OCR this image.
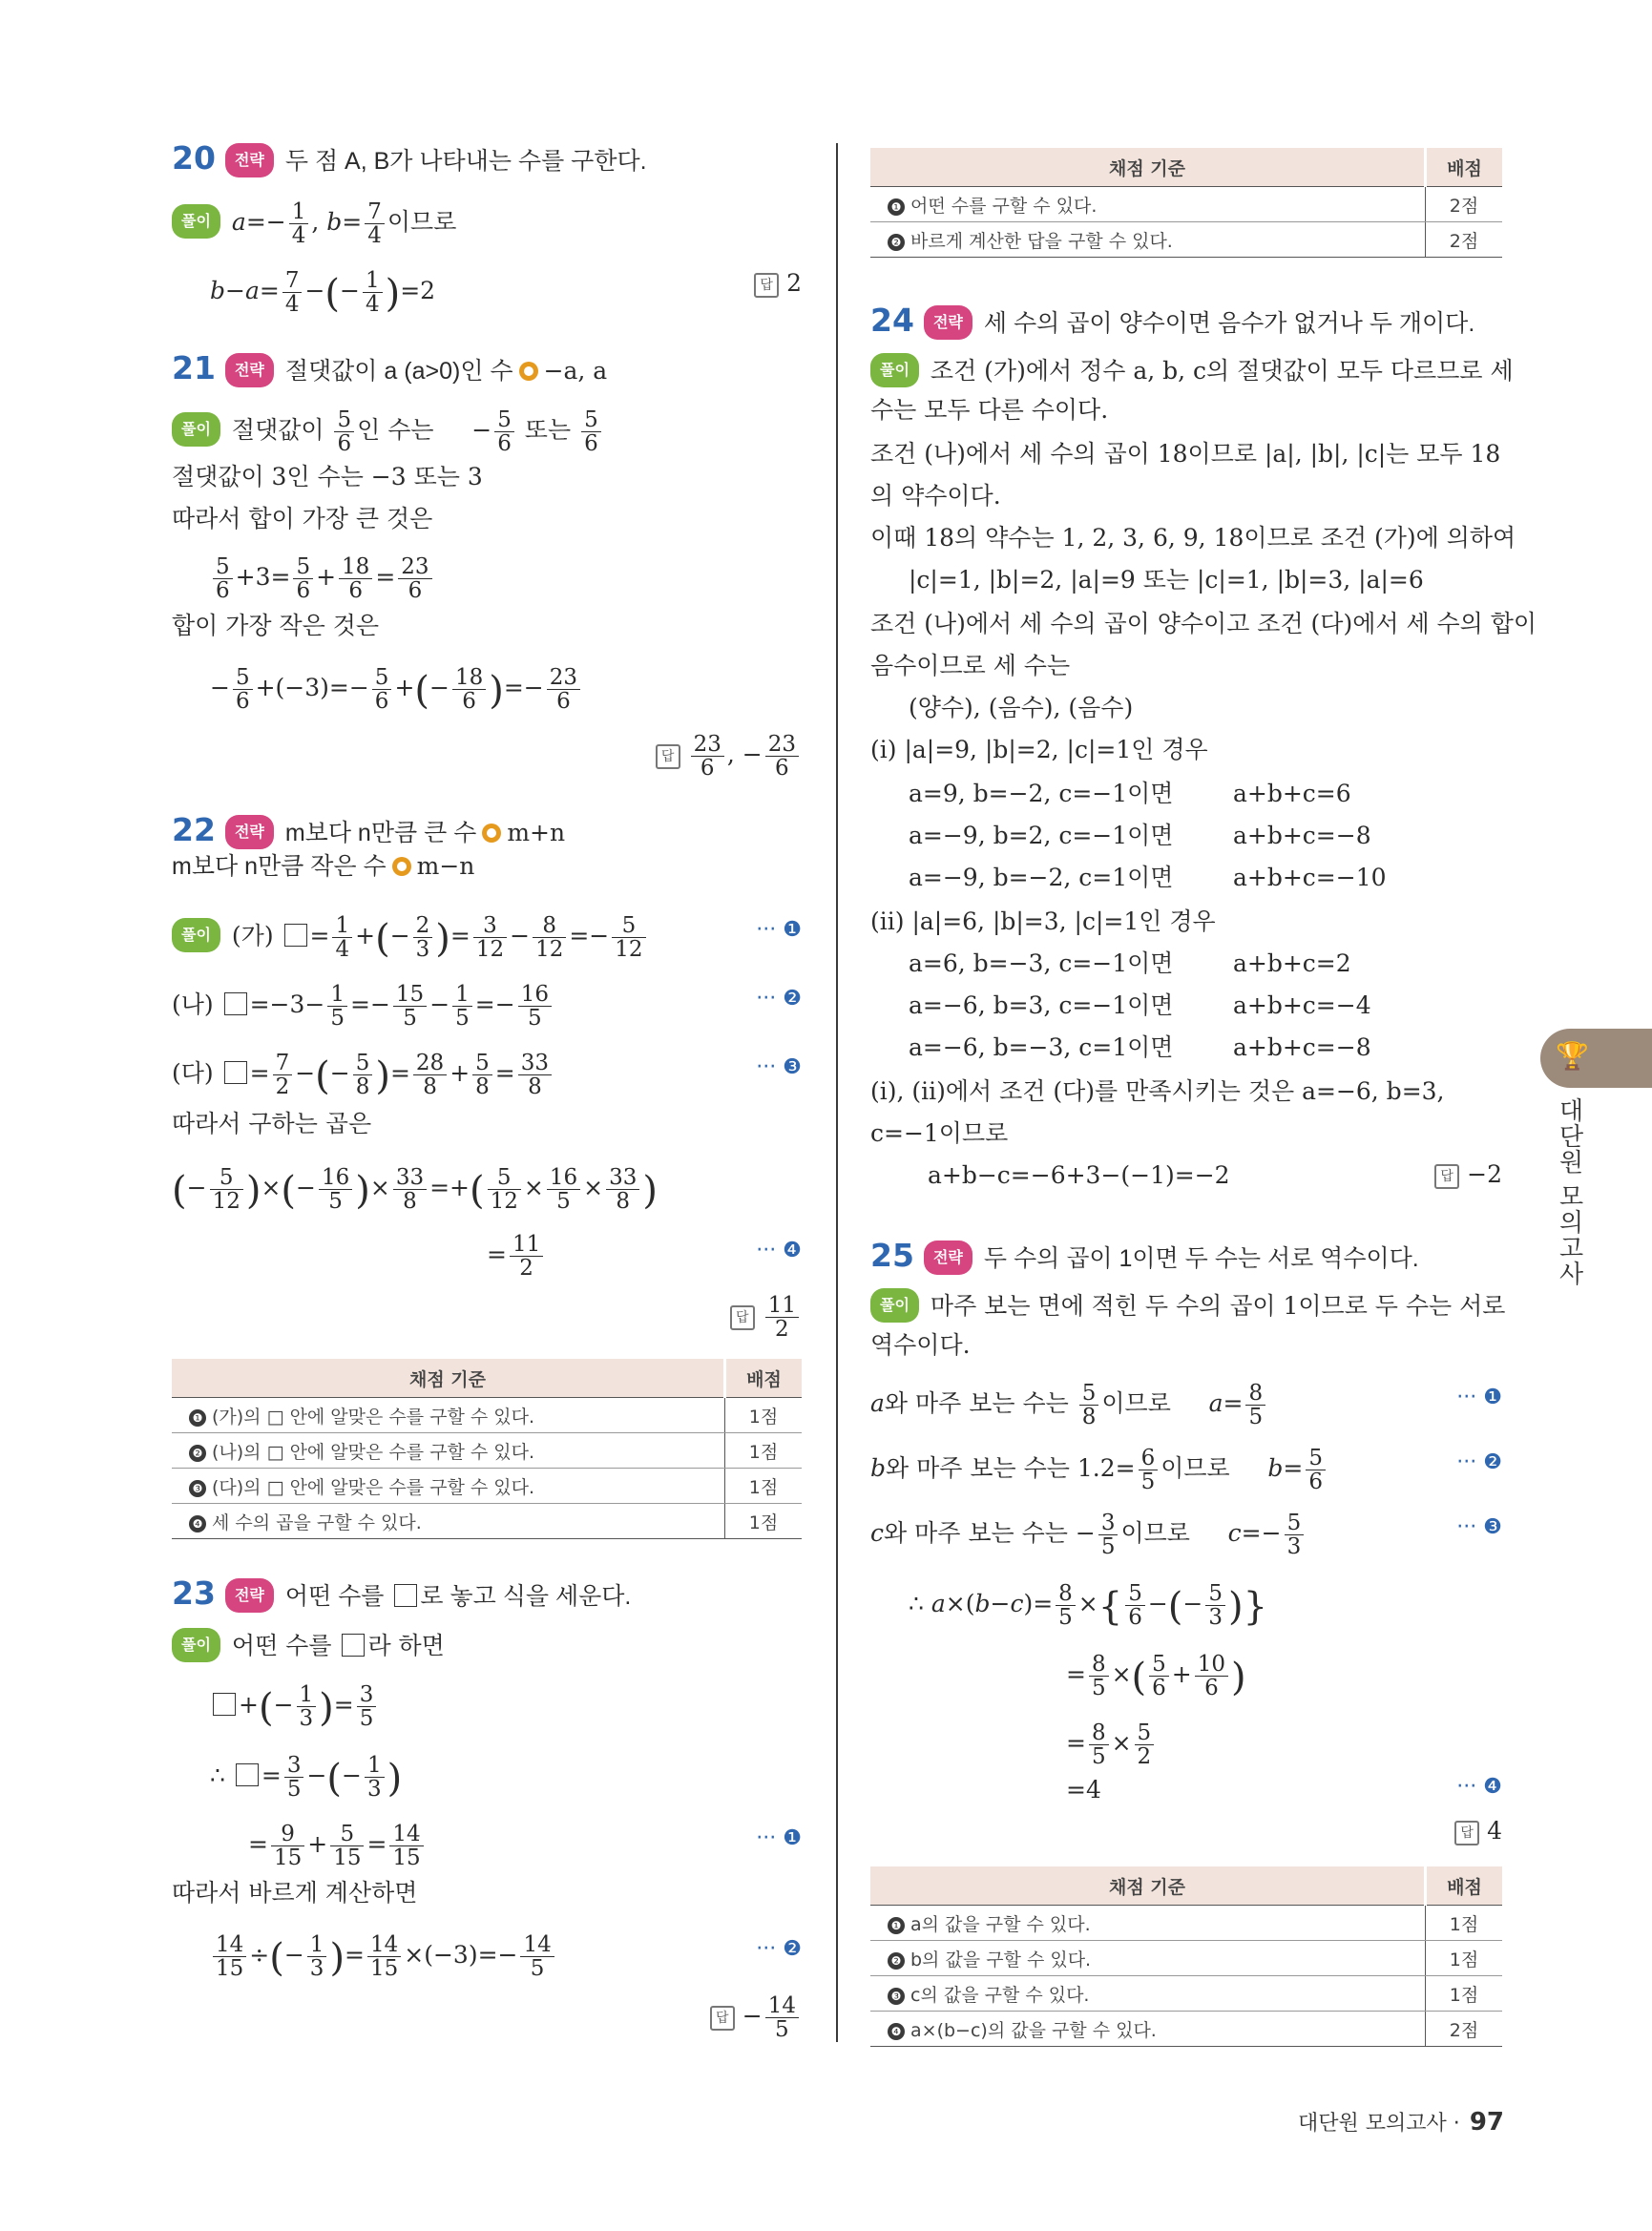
20 전략 두 점 A, B가 나타내는 수를 구한다.
풀이 $a=- \frac{1}{4}$ , $b= \frac{7}{4}$ 이므로
$b-a= \frac{7}{4}$ −(− $\frac{1}{4} )=2$	답 2
21 전략 절댓값이 a (a>0)인 수 −a, a
풀이 절댓값이 $\frac{5}{6}$ 인 수는     − $\frac{5}{6}$ 또는 $\frac{5}{6}$
절댓값이 3인 수는 −3 또는 3
따라서 합이 가장 큰 것은
$\frac{5}{6} +3= \frac{5}{6} + \frac{18}{6} = \frac{23}{6}$
합이 가장 작은 것은
− $\frac{5}{6} +(-3)=- \frac{5}{6}$ +(− $\frac{18}{6}$ )=− $\frac{23}{6}$
답 $\frac{23}{6}$ , − $\frac{23}{6}$
22 전략 m보다 n만큼 큰 수 m+n
m보다 n만큼 작은 수 m−n
풀이 (가) = $\frac{1}{4}$ +(− $\frac{2}{3}$ )= $\frac{3}{12} - \frac{8}{12} =- \frac{5}{12}$	··· ❶
(나) $=-3- \frac{1}{5} =- \frac{15}{5} - \frac{1}{5} =- \frac{16}{5}$	··· ❷
(다) = $\frac{7}{2}$ −(− $\frac{5}{8}$ )= $\frac{28}{8} + \frac{5}{8} = \frac{33}{8}$	··· ❸
따라서 구하는 곱은
(− $\frac{5}{12}$ )×(− $\frac{16}{5}$ )× $\frac{33}{8}$ =+( $\frac{5}{12} \times \frac{16}{5} \times \frac{33}{8}$ )
= $\frac{11}{2}$	··· ❹
답 $\frac{11}{2}$
채점 기준	배점
❶ (가)의 □ 안에 알맞은 수를 구할 수 있다.	1점
❷ (나)의 □ 안에 알맞은 수를 구할 수 있다.	1점
❸ (다)의 □ 안에 알맞은 수를 구할 수 있다.	1점
❹ 세 수의 곱을 구할 수 있다.	1점
23 전략 어떤 수를 로 놓고 식을 세운다.
풀이 어떤 수를 라 하면
+(− $\frac{1}{3}$ )= $\frac{3}{5}$
∴ = $\frac{3}{5}$ −(− $\frac{1}{3}$ )
= $\frac{9}{15} + \frac{5}{15} = \frac{14}{15}$	··· ❶
따라서 바르게 계산하면
$\frac{14}{15}$ ÷(− $\frac{1}{3}$ )= $\frac{14}{15} \times(-3)=- \frac{14}{5}$	··· ❷
답 − $\frac{14}{5}$
채점 기준	배점
❶ 어떤 수를 구할 수 있다.	2점
❷ 바르게 계산한 답을 구할 수 있다.	2점
24 전략 세 수의 곱이 양수이면 음수가 없거나 두 개이다.
풀이 조건 (가)에서 정수 a, b, c의 절댓값이 모두 다르므로 세
수는 모두 다른 수이다.
조건 (나)에서 세 수의 곱이 18이므로 |a|, |b|, |c|는 모두 18
의 약수이다.
이때 18의 약수는 1, 2, 3, 6, 9, 18이므로 조건 (가)에 의하여
|c|=1, |b|=2, |a|=9 또는 |c|=1, |b|=3, |a|=6
조건 (나)에서 세 수의 곱이 양수이고 조건 (다)에서 세 수의 합이
음수이므로 세 수는
(양수), (음수), (음수)
(ⅰ) |a|=9, |b|=2, |c|=1인 경우
a=9, b=−2, c=−1이면	a+b+c=6
a=−9, b=2, c=−1이면	a+b+c=−8
a=−9, b=−2, c=1이면	a+b+c=−10
(ⅱ) |a|=6, |b|=3, |c|=1인 경우
a=6, b=−3, c=−1이면	a+b+c=2
a=−6, b=3, c=−1이면	a+b+c=−4
a=−6, b=−3, c=1이면	a+b+c=−8
(ⅰ), (ⅱ)에서 조건 (다)를 만족시키는 것은 a=−6, b=3,
c=−1이므로
a+b−c=−6+3−(−1)=−2	답 −2
25 전략 두 수의 곱이 1이면 두 수는 서로 역수이다.
풀이 마주 보는 면에 적힌 두 수의 곱이 1이므로 두 수는 서로
역수이다.
a와 마주 보는 수는 $\frac{5}{8}$ 이므로     $a= \frac{8}{5}$	··· ❶
b와 마주 보는 수는 $1.2= \frac{6}{5}$ 이므로     $b= \frac{5}{6}$	··· ❷
c와 마주 보는 수는 − $\frac{3}{5}$ 이므로     $c=- \frac{5}{3}$	··· ❸
∴ $a\times(b-c)= \frac{8}{5}$ ×{ $\frac{5}{6}$ −(− $\frac{5}{3}$ )}
= $\frac{8}{5}$ ×( $\frac{5}{6} + \frac{10}{6}$ )
= $\frac{8}{5} \times \frac{5}{2}$
=4	··· ❹
답 4
채점 기준	배점
❶ a의 값을 구할 수 있다.	1점
❷ b의 값을 구할 수 있다.	1점
❸ c의 값을 구할 수 있다.	1점
❹ a×(b−c)의 값을 구할 수 있다.	2점
🏆
대단원 모의고사
대단원 모의고사 · 97
